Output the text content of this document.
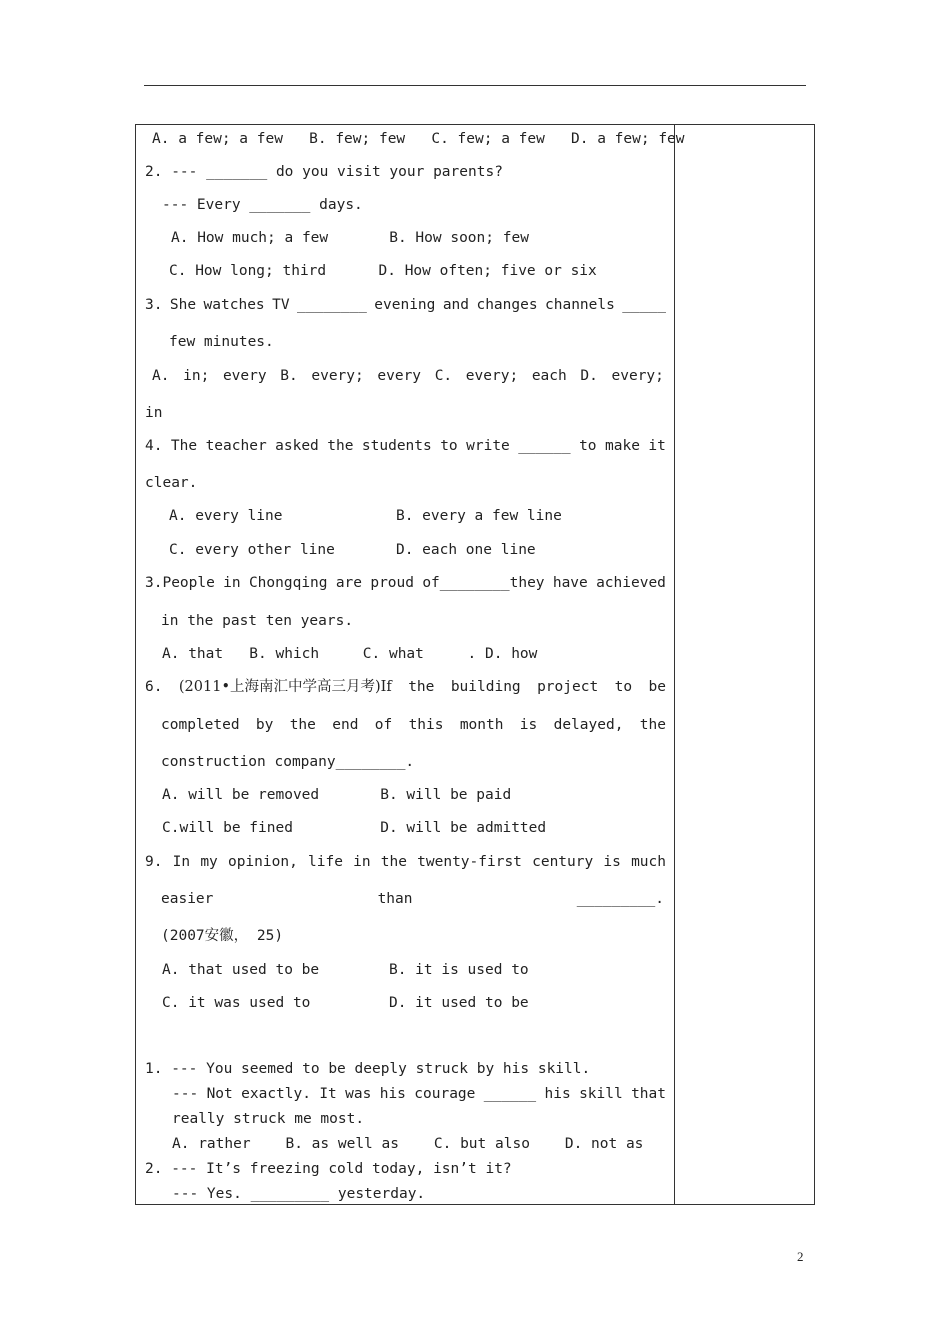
A. a few; a few   B. few; few   C. few; a few   D. a few; few
2. --- _______ do you visit your parents?
--- Every _______ days.
A. How much; a few       B. How soon; few
C. How long; third      D. How often; five or six
3. She watches TV ________ evening and changes channels _____
few minutes.
A. in; every B. every; every C. every; each D. every;
in
4. The teacher asked the students to write ______ to make it
clear.
A. every line             B. every a few line
C. every other line       D. each one line
3.People in Chongqing are proud of________they have achieved
in the past ten years.
A. that   B. which     C. what     . D. how
6. (2011•上海南汇中学高三月考)If the building project to be
completed by the end of this month is delayed, the
construction company________.
A. will be removed       B. will be paid
C.will be fined          D. will be admitted
9. In my opinion, life in the twenty-first century is much
easier	than	_________.
(2007安徽， 25)
A. that used to be        B. it is used to
C. it was used to         D. it used to be
1. --- You seemed to be deeply struck by his skill.
--- Not exactly. It was his courage ______ his skill that
really struck me most.
A. rather    B. as well as    C. but also    D. not as
2. --- It’s freezing cold today, isn’t it?
--- Yes. _________ yesterday.
2
